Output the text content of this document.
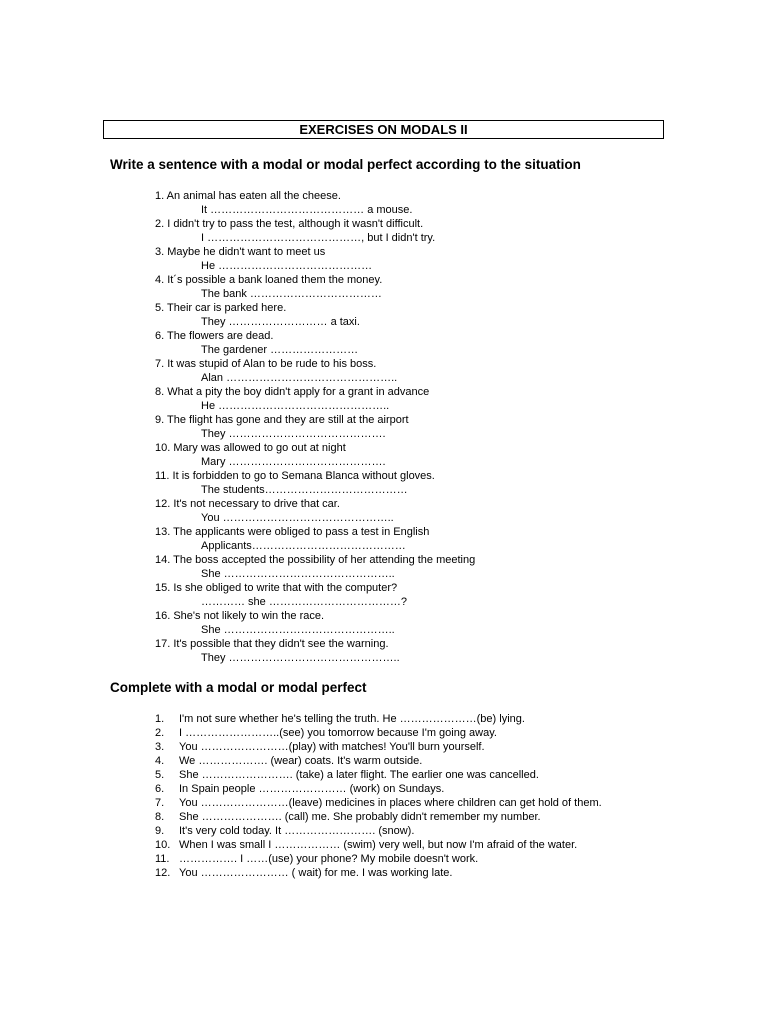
EXERCISES ON MODALS II
Write a sentence with a modal or modal perfect according to the situation
1. An animal has eaten all the cheese.
It …………………………………… a mouse.
2. I didn't try to pass the test, although it wasn't difficult.
I ……………………………………, but I didn't try.
3. Maybe he didn't want to meet us
He ……………………………………
4. It´s possible a bank loaned them the money.
The bank ………………………………
5. Their car is parked here.
They ……………………… a taxi.
6. The flowers are dead.
The gardener ……………………
7. It was stupid of Alan to be rude to his boss.
Alan ………………………………………..
8. What a pity the boy didn't apply for a grant in advance
He ………………………………………..
9. The flight has gone and they are still at the airport
They …………………………………….
10. Mary was allowed to go out at night
Mary …………………………………….
11. It is forbidden to go to Semana Blanca without gloves.
The students…………………………………
12. It's not necessary to drive that car.
You ………………………………………..
13. The applicants were obliged to pass a test in English
Applicants……………………………………
14. The boss accepted the possibility of her attending the meeting
She ………………………………………..
15. Is she obliged to write that with the computer?
………… she ………………………………?
16. She's not likely to win the race.
She ………………………………………..
17. It's possible that they didn't see the warning.
They ………………………………………..
Complete with a modal or modal perfect
1.	I'm not sure whether he's telling the truth. He …………………(be) lying.
2.	I ……………………..(see) you tomorrow because I'm going away.
3.	You ……………………(play) with matches! You'll burn yourself.
4.	We ………………. (wear) coats. It's warm outside.
5.	She ……………………. (take) a later flight. The earlier one was cancelled.
6.	In Spain people …………………… (work) on Sundays.
7.	You ……………………(leave) medicines in places where children can get hold of them.
8.	She …………………. (call) me. She probably didn't remember my number.
9.	It's very cold today. It ……………………. (snow).
10. When I was small I ……………… (swim) very well, but now I'm afraid of the water.
11. ……………. I ……(use) your phone? My mobile doesn't work.
12. You …………………… ( wait) for me. I was working late.
